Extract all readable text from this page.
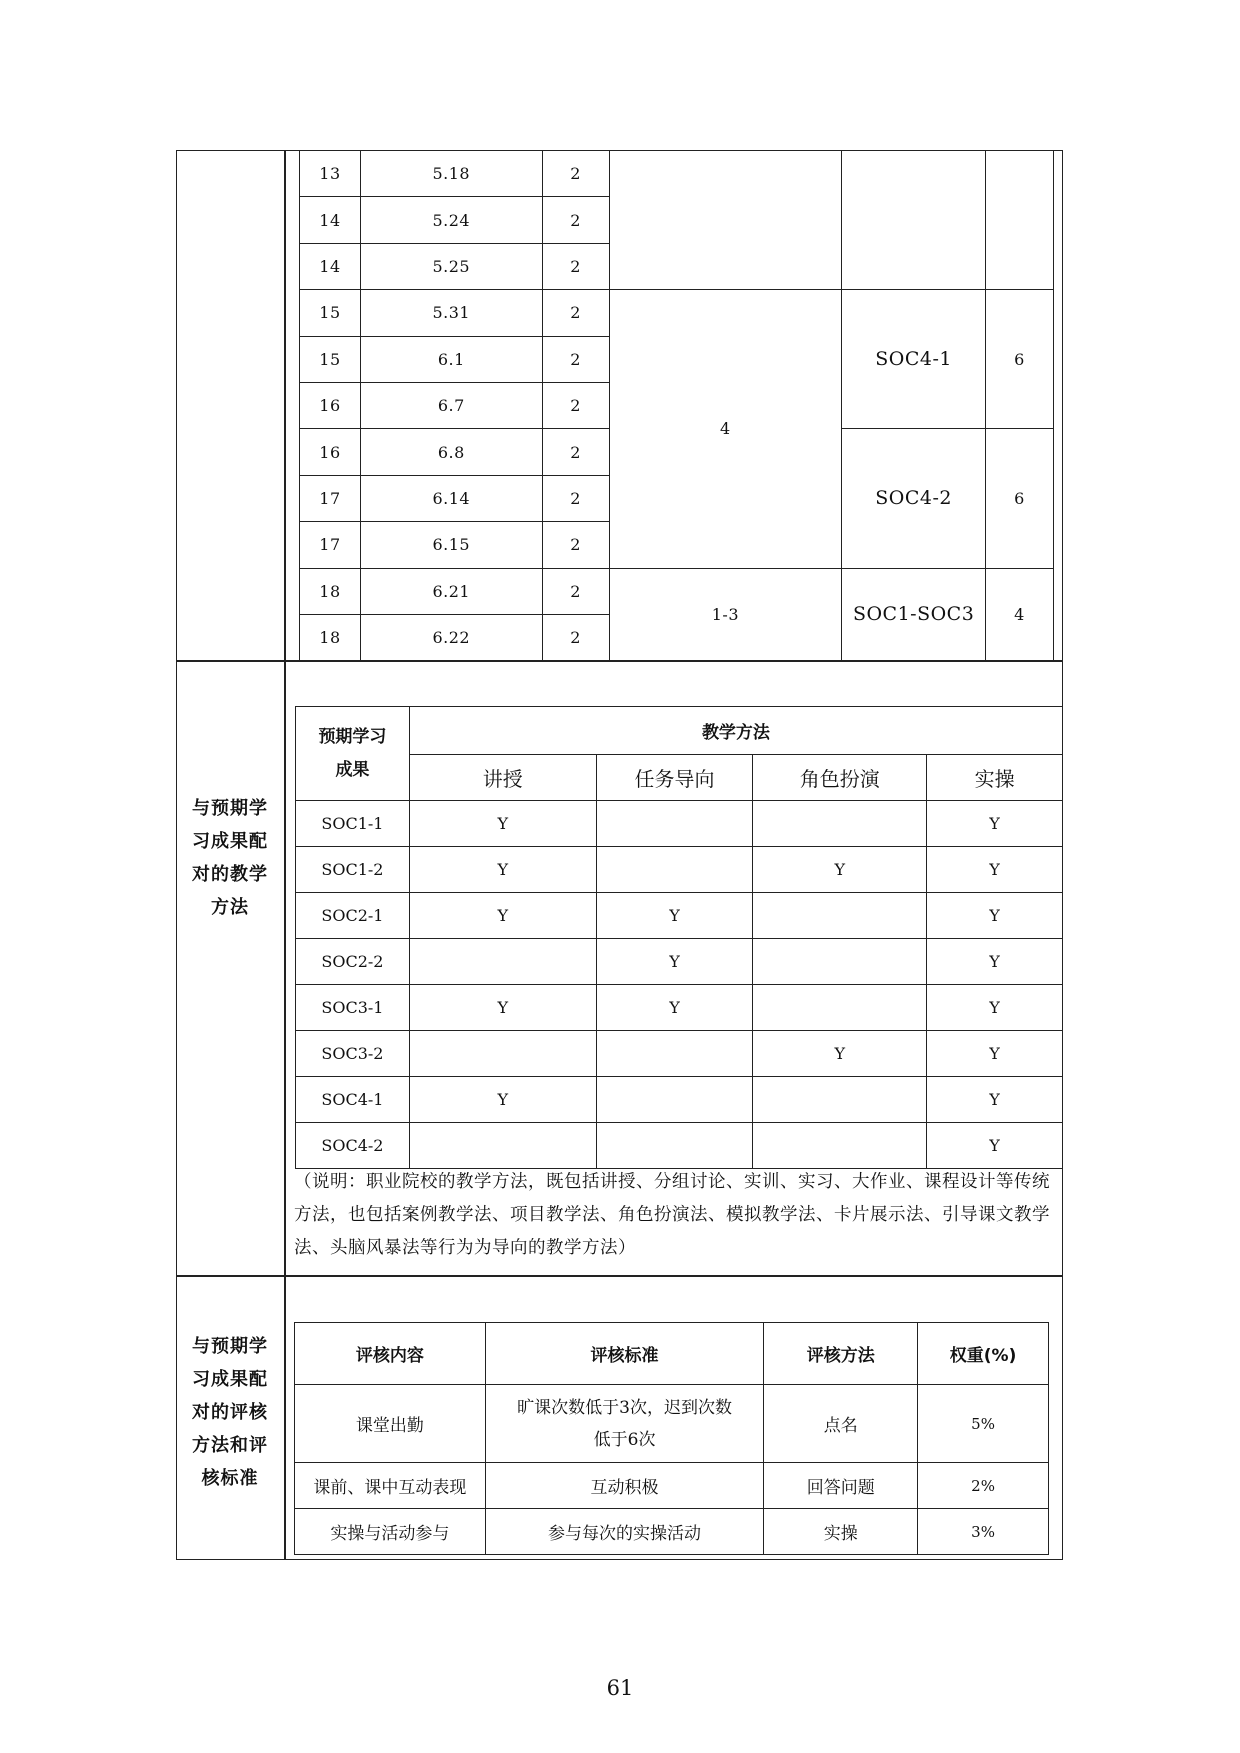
13	5.18	2			
14	5.24	2			
14	5.25	2			
15	5.31	2	4	SOC4-1	6
15	6.1	2			
16	6.7	2			
16	6.8	2		SOC4-2	6
17	6.14	2			
17	6.15	2			
18	6.21	2	1-3	SOC1-SOC3	4
18	6.22	2			
与预期学
习成果配
对的教学
方法
预期学习
成果	教学方法			
	讲授	任务导向	角色扮演	实操
SOC1-1	Y			Y
SOC1-2	Y		Y	Y
SOC2-1	Y	Y		Y
SOC2-2		Y		Y
SOC3-1	Y	Y		Y
SOC3-2			Y	Y
SOC4-1	Y			Y
SOC4-2				Y
（说明：职业院校的教学方法，既包括讲授、分组讨论、实训、实习、大作业、课程设计等传统方法，也包括案例教学法、项目教学法、角色扮演法、模拟教学法、卡片展示法、引导课文教学法、头脑风暴法等行为为导向的教学方法）
与预期学
习成果配
对的评核
方法和评
核标准
评核内容	评核标准	评核方法	权重(%)
课堂出勤	旷课次数低于3次，迟到次数低于6次	点名	5%
课前、课中互动表现	互动积极	回答问题	2%
实操与活动参与	参与每次的实操活动	实操	3%
61
